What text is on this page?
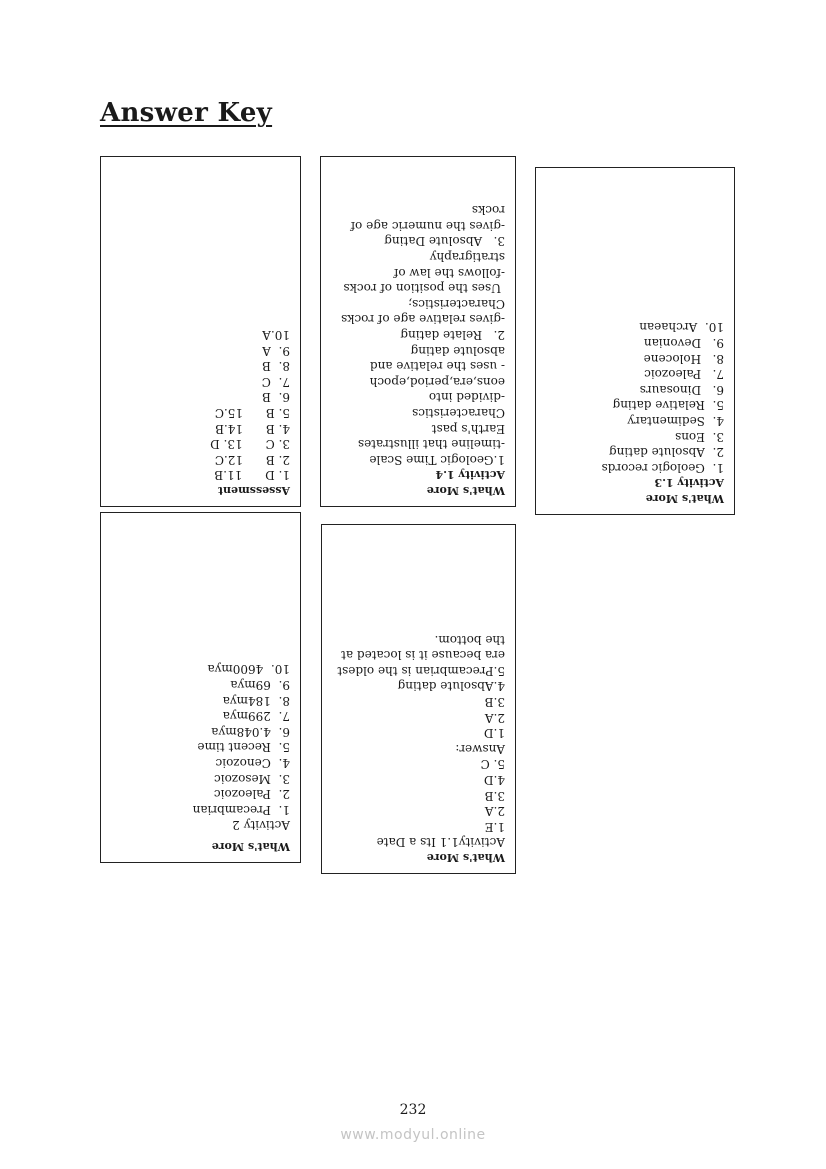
Answer Key
Assessment
1. D      11.B
2. B      12.C
3. C      13. D
4. B      14.B
5. B      15.C
6.  B
7.  C
8.  B
9.  A
10.A
What's More
Activity 1.4
1.Geologic Time Scale
-timeline that illustrates
Earth's past
Characteristics
-divided into
eons,era,period,epoch
- uses the relative and
absolute dating
2.   Relate dating
-gives relative age of rocks
Characteristics;
Uses the position of rocks
-follows the law of
stratigraphy
3.   Absolute Dating
-gives the numeric age of
rocks
What's More
Activity 1.3
1.  Geologic records
2.  Absolute dating
3.  Eons
4.  Sedimentary
5.  Relative dating
6.   Dinosaurs
7.   Paleozoic
8.   Holocene
9.   Devonian
10.  Archaean
What's More
Activity 2
1.  Precambrian
2.  Paleozoic
3.  Mesozoic
4.  Cenozoic
5.  Recent time
6.  4.048mya
7.  299mya
8.  184mya
9.  69mya
10.  4600mya
What's More
Activity1.1 Its a Date
1.E
2.A
3.B
4.D
5. C
Answer:
1.D
2.A
3.B
4.Absolute dating
5.Precambrian is the oldest
era because it is located at
the bottom.
232
www.modyul.online
